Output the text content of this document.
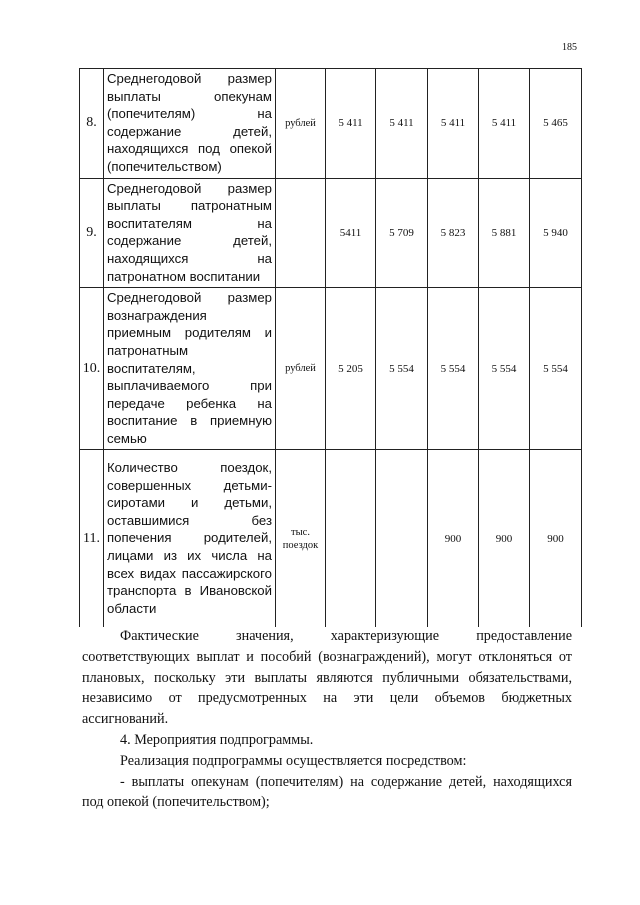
185
8.	Среднегодовой размер выплаты опекунам (попечителям) на содержание детей, находящихся под опекой (попечительством)	рублей	5 411	5 411	5 411	5 411	5 465
9.	Среднегодовой размер выплаты патронатным воспитателям на содержание детей, находящихся на патронатном воспитании		5411	5 709	5 823	5 881	5 940
10.	Среднегодовой размер вознаграждения приемным родителям и патронатным воспитателям, выплачиваемого при передаче ребенка на воспитание в приемную семью	рублей	5 205	5 554	5 554	5 554	5 554
11.	Количество поездок, совершенных детьми-сиротами и детьми, оставшимися без попечения родителей, лицами из их числа на всех видах пассажирского транспорта в Ивановской области	тыс. поездок			900	900	900

Фактические значения, характеризующие предоставление соответствующих выплат и пособий (вознаграждений), могут отклоняться от плановых, поскольку эти выплаты являются публичными обязательствами, независимо от предусмотренных на эти цели объемов бюджетных ассигнований.

4. Мероприятия подпрограммы.

Реализация подпрограммы осуществляется посредством:

- выплаты опекунам (попечителям) на содержание детей, находящихся под опекой (попечительством);
